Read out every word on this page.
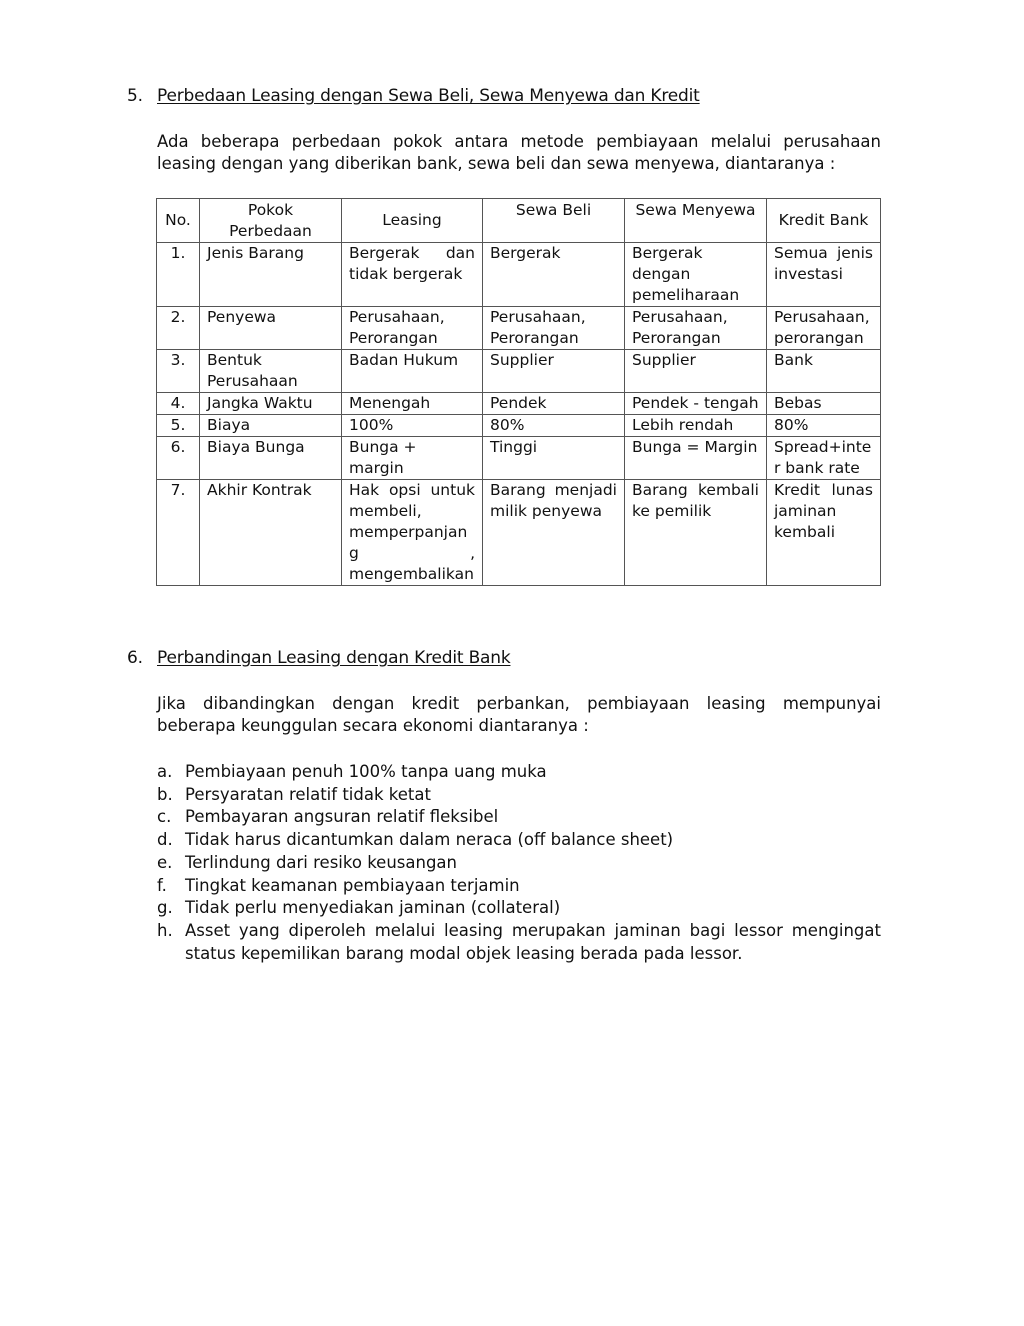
5. Perbedaan Leasing dengan Sewa Beli, Sewa Menyewa dan Kredit

Ada beberapa perbedaan pokok antara metode pembiayaan melalui perusahaan leasing dengan yang diberikan bank, sewa beli dan sewa menyewa, diantaranya :

No.	Pokok Perbedaan	Leasing	Sewa Beli	Sewa Menyewa	Kredit Bank
1.	Jenis Barang	Bergerak dan tidak bergerak	Bergerak	Bergerak dengan pemeliharaan	Semua jenis investasi
2.	Penyewa	Perusahaan, Perorangan	Perusahaan, Perorangan	Perusahaan, Perorangan	Perusahaan, perorangan
3.	Bentuk Perusahaan	Badan Hukum	Supplier	Supplier	Bank
4.	Jangka Waktu	Menengah	Pendek	Pendek - tengah	Bebas
5.	Biaya	100%	80%	Lebih rendah	80%
6.	Biaya Bunga	Bunga + margin	Tinggi	Bunga = Margin	Spread+inte r bank rate
7.	Akhir Kontrak	Hak opsi untuk membeli, memperpanjang , mengembalikan	Barang menjadi milik penyewa	Barang kembali ke pemilik	Kredit lunas jaminan kembali
6. Perbandingan Leasing dengan Kredit Bank

Jika dibandingkan dengan kredit perbankan, pembiayaan leasing mempunyai beberapa keunggulan secara ekonomi diantaranya :

a. Pembiayaan penuh 100% tanpa uang muka
b. Persyaratan relatif tidak ketat
c. Pembayaran angsuran relatif fleksibel
d. Tidak harus dicantumkan dalam neraca (off balance sheet)
e. Terlindung dari resiko keusangan
f. Tingkat keamanan pembiayaan terjamin
g. Tidak perlu menyediakan jaminan (collateral)
h. Asset yang diperoleh melalui leasing merupakan jaminan bagi lessor mengingat status kepemilikan barang modal objek leasing berada pada lessor.
